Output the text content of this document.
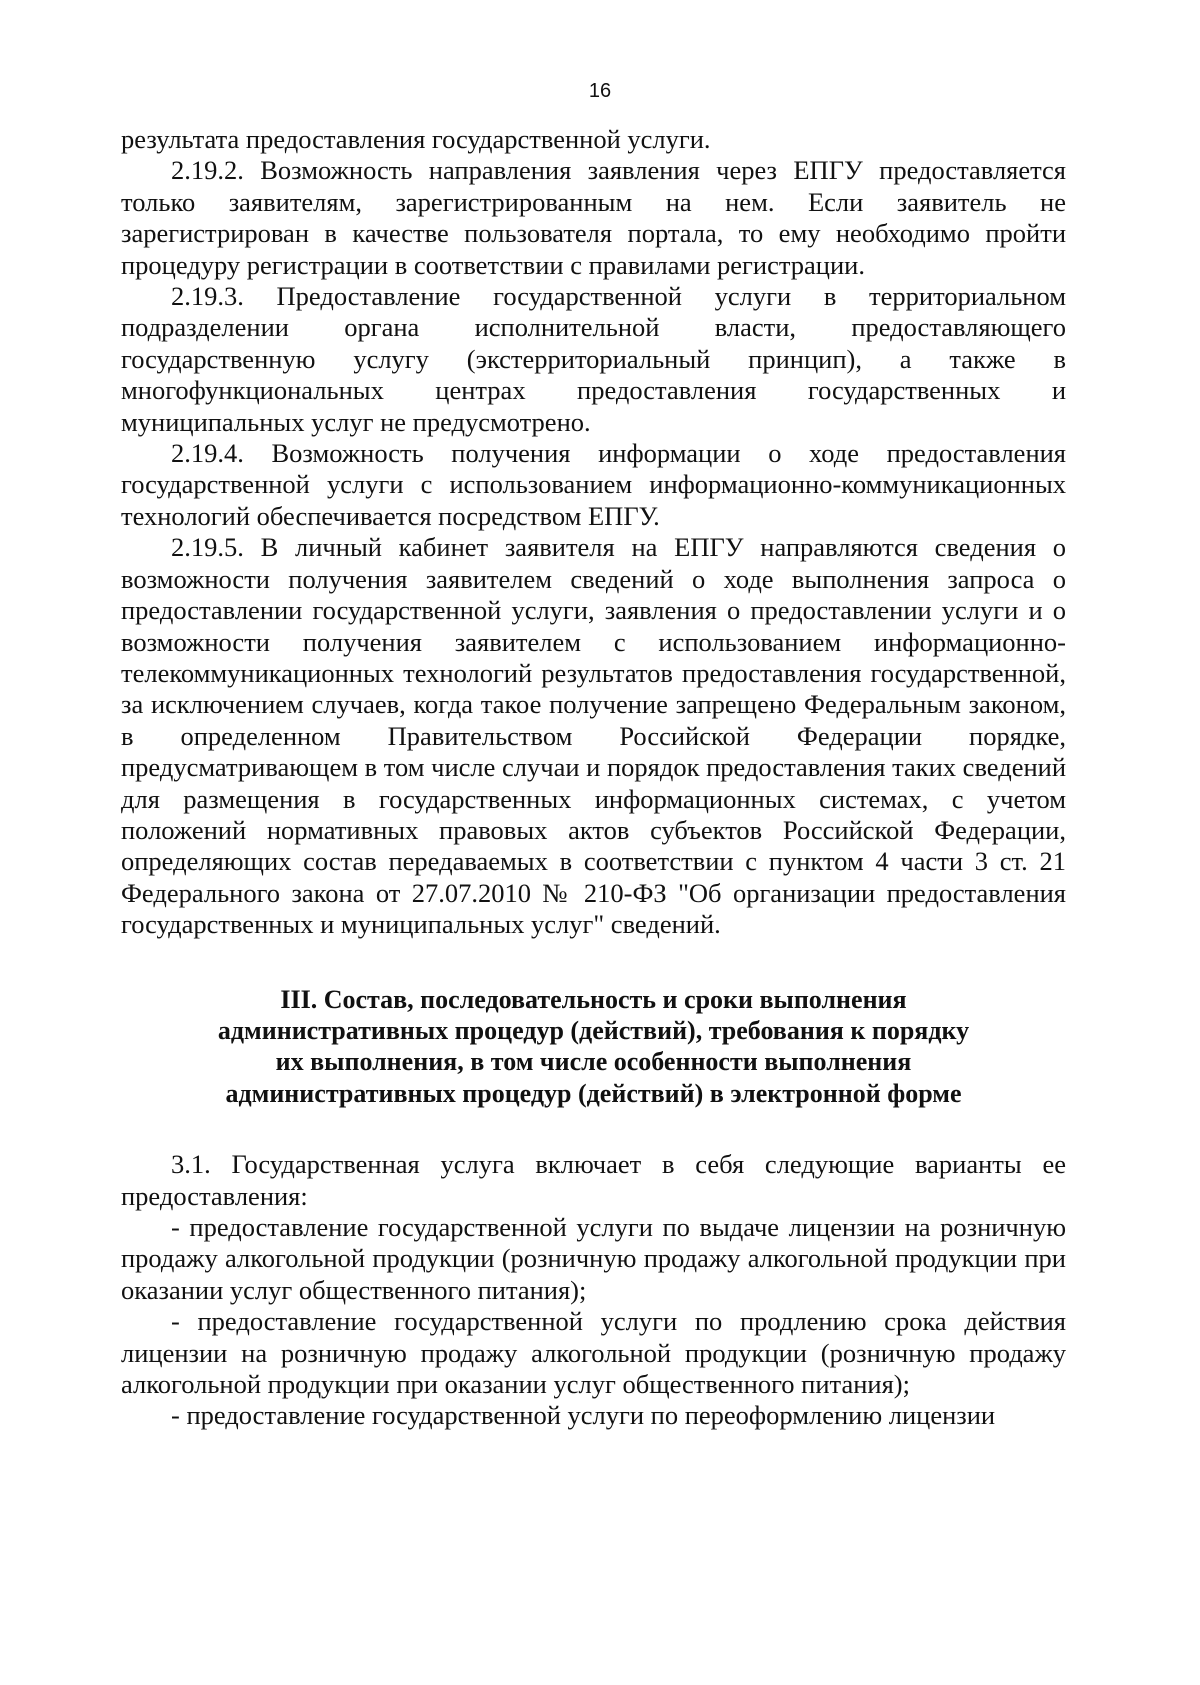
16

результата предоставления государственной услуги.

2.19.2. Возможность направления заявления через ЕПГУ предоставляется только заявителям, зарегистрированным на нем. Если заявитель не зарегистрирован в качестве пользователя портала, то ему необходимо пройти процедуру регистрации в соответствии с правилами регистрации.

2.19.3. Предоставление государственной услуги в территориальном подразделении органа исполнительной власти, предоставляющего государственную услугу (экстерриториальный принцип), а также в многофункциональных центрах предоставления государственных и муниципальных услуг не предусмотрено.

2.19.4. Возможность получения информации о ходе предоставления государственной услуги с использованием информационно-коммуникационных технологий обеспечивается посредством ЕПГУ.

2.19.5. В личный кабинет заявителя на ЕПГУ направляются сведения о возможности получения заявителем сведений о ходе выполнения запроса о предоставлении государственной услуги, заявления о предоставлении услуги и о возможности получения заявителем с использованием информационно-телекоммуникационных технологий результатов предоставления государственной, за исключением случаев, когда такое получение запрещено Федеральным законом, в определенном Правительством Российской Федерации порядке, предусматривающем в том числе случаи и порядок предоставления таких сведений для размещения в государственных информационных системах, с учетом положений нормативных правовых актов субъектов Российской Федерации, определяющих состав передаваемых в соответствии с пунктом 4 части 3 ст. 21 Федерального закона от 27.07.2010 № 210-ФЗ "Об организации предоставления государственных и муниципальных услуг" сведений.

III. Состав, последовательность и сроки выполнения
административных процедур (действий), требования к порядку
их выполнения, в том числе особенности выполнения
административных процедур (действий) в электронной форме

3.1. Государственная услуга включает в себя следующие варианты ее предоставления:

- предоставление государственной услуги по выдаче лицензии на розничную продажу алкогольной продукции (розничную продажу алкогольной продукции при оказании услуг общественного питания);

- предоставление государственной услуги по продлению срока действия лицензии на розничную продажу алкогольной продукции (розничную продажу алкогольной продукции при оказании услуг общественного питания);

- предоставление государственной услуги по переоформлению лицензии
